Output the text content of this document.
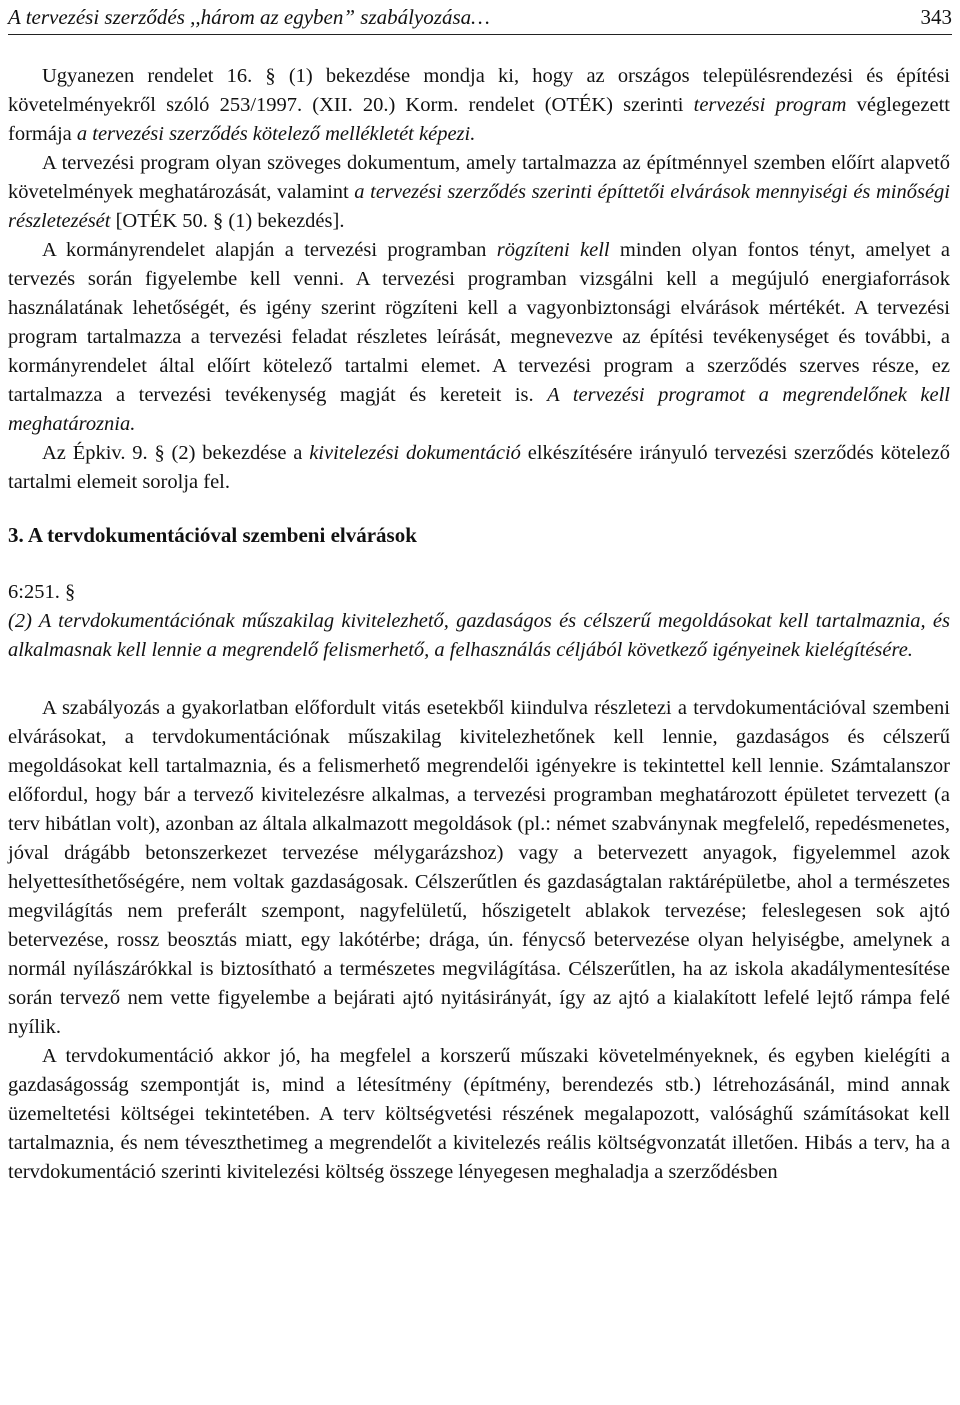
A tervezési szerződés ,,három az egyben” szabályozása…	343

Ugyanezen rendelet 16. § (1) bekezdése mondja ki, hogy az országos településrendezési és építési követelményekről szóló 253/1997. (XII. 20.) Korm. rendelet (OTÉK) szerinti tervezési program véglegezett formája a tervezési szerződés kötelező mellékletét képezi.

A tervezési program olyan szöveges dokumentum, amely tartalmazza az építménnyel szemben előírt alapvető követelmények meghatározását, valamint a tervezési szerződés szerinti építtetői elvárások mennyiségi és minőségi részletezését [OTÉK 50. § (1) bekezdés].

A kormányrendelet alapján a tervezési programban rögzíteni kell minden olyan fontos tényt, amelyet a tervezés során figyelembe kell venni. A tervezési programban vizsgálni kell a megújuló energiaforrások használatának lehetőségét, és igény szerint rögzíteni kell a vagyonbiztonsági elvárások mértékét. A tervezési program tartalmazza a tervezési feladat részletes leírását, megnevezve az építési tevékenységet és további, a kormányrendelet által előírt kötelező tartalmi elemet. A tervezési program a szerződés szerves része, ez tartalmazza a tervezési tevékenység magját és kereteit is. A tervezési programot a megrendelőnek kell meghatároznia.

Az Épkiv. 9. § (2) bekezdése a kivitelezési dokumentáció elkészítésére irányuló tervezési szerződés kötelező tartalmi elemeit sorolja fel.

3. A tervdokumentációval szembeni elvárások

6:251. §

(2) A tervdokumentációnak műszakilag kivitelezhető, gazdaságos és célszerű megoldásokat kell tartalmaznia, és alkalmasnak kell lennie a megrendelő felismerhető, a felhasználás céljából következő igényeinek kielégítésére.

A szabályozás a gyakorlatban előfordult vitás esetekből kiindulva részletezi a tervdokumentációval szembeni elvárásokat, a tervdokumentációnak műszakilag kivitelezhetőnek kell lennie, gazdaságos és célszerű megoldásokat kell tartalmaznia, és a felismerhető megrendelői igényekre is tekintettel kell lennie. Számtalanszor előfordul, hogy bár a tervező kivitelezésre alkalmas, a tervezési programban meghatározott épületet tervezett (a terv hibátlan volt), azonban az általa alkalmazott megoldások (pl.: német szabványnak megfelelő, repedésmenetes, jóval drágább betonszerkezet tervezése mélygarázshoz) vagy a betervezett anyagok, figyelemmel azok helyettesíthetőségére, nem voltak gazdaságosak. Célszerűtlen és gazdaságtalan raktárépületbe, ahol a természetes megvilágítás nem preferált szempont, nagyfelületű, hőszigetelt ablakok tervezése; feleslegesen sok ajtó betervezése, rossz beosztás miatt, egy lakótérbe; drága, ún. fénycső betervezése olyan helyiségbe, amelynek a normál nyílászárókkal is biztosítható a természetes megvilágítása. Célszerűtlen, ha az iskola akadálymentesítése során tervező nem vette figyelembe a bejárati ajtó nyitásirányát, így az ajtó a kialakított lefelé lejtő rámpa felé nyílik.

A tervdokumentáció akkor jó, ha megfelel a korszerű műszaki követelményeknek, és egyben kielégíti a gazdaságosság szempontját is, mind a létesítmény (építmény, berendezés stb.) létrehozásánál, mind annak üzemeltetési költségei tekintetében. A terv költségvetési részének megalapozott, valósághű számításokat kell tartalmaznia, és nem téveszthetimeg a megrendelőt a kivitelezés reális költségvonzatát illetően. Hibás a terv, ha a tervdokumentáció szerinti kivitelezési költség összege lényegesen meghaladja a szerződésben
